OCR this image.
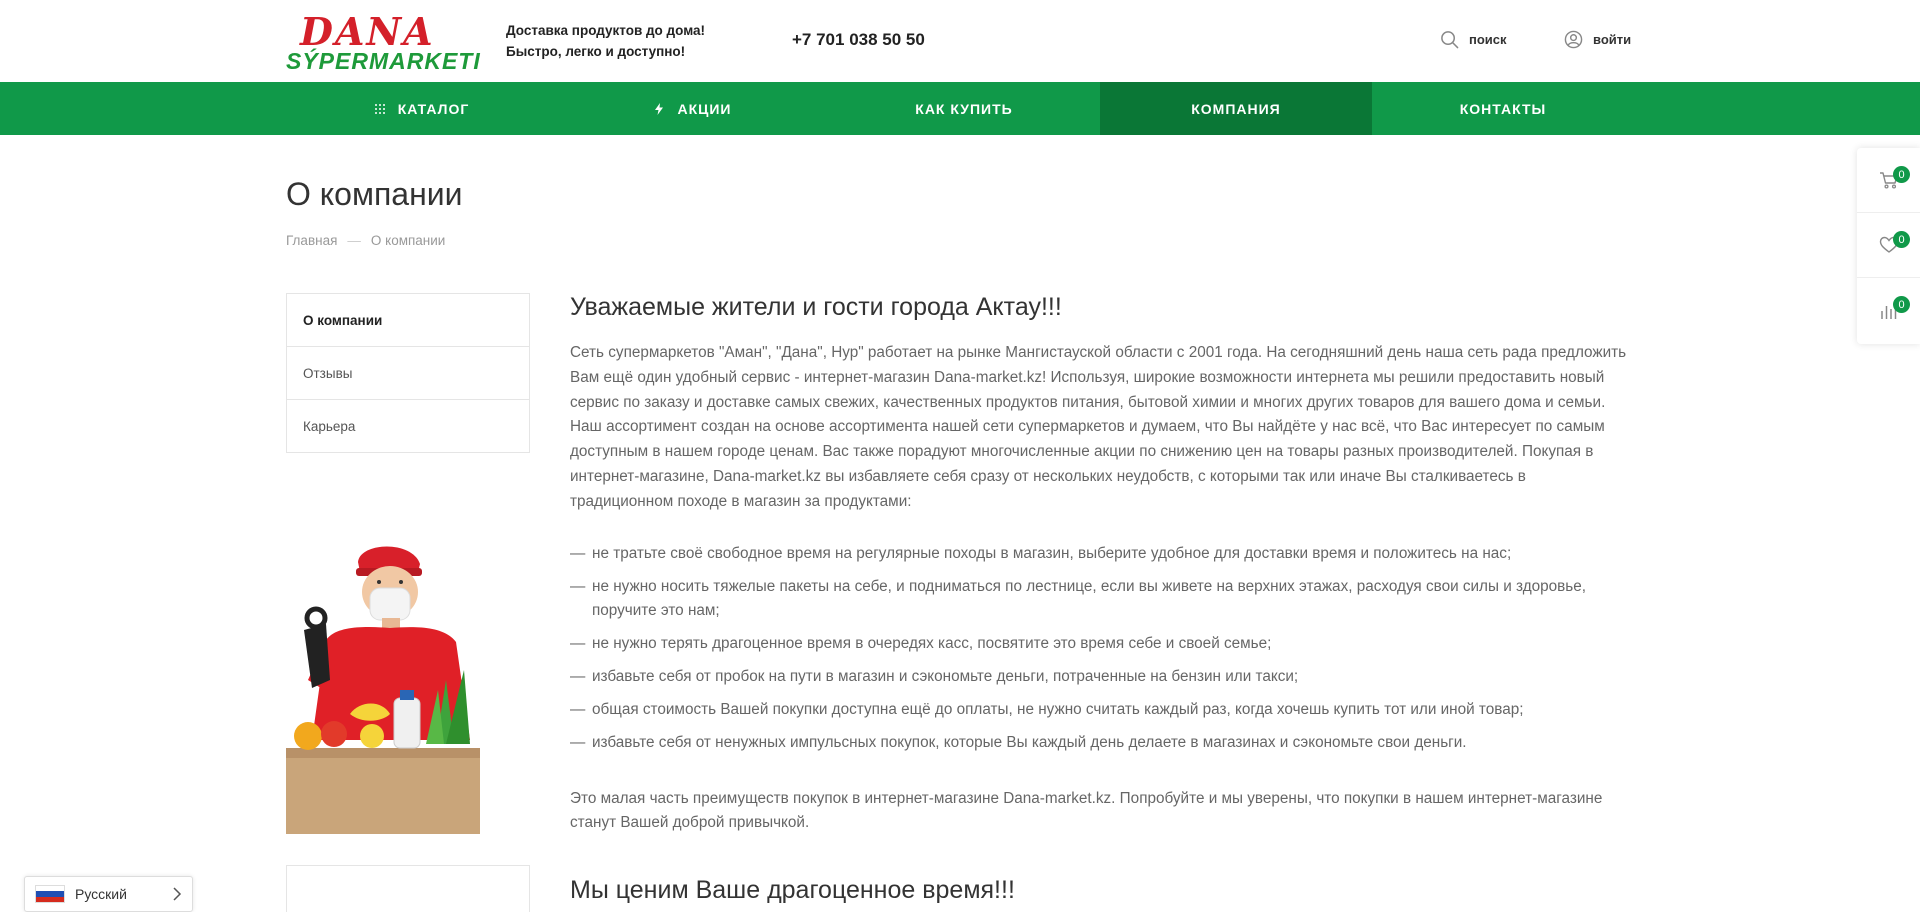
DANA
SÝPERMARKETI
Доставка продуктов до дома!
Быстро, легко и доступно!
+7 701 038 50 50	поиск	войти
КАТАЛОГ	АКЦИИ	КАК КУПИТЬ	КОМПАНИЯ	КОНТАКТЫ
0
0
0
О компании
Главная — О компании
О компании
Отзывы
Карьера
Уважаемые жители и гости города Актау!!!

Сеть супермаркетов "Аман", "Дана", Нур" работает на рынке Мангистауской области с 2001 года. На сегодняшний день наша сеть рада предложить Вам ещё один удобный сервис - интернет-магазин Dana-market.kz! Используя, широкие возможности интернета мы решили предоставить новый сервис по заказу и доставке самых свежих, качественных продуктов питания, бытовой химии и многих других товаров для вашего дома и семьи. Наш ассортимент создан на основе ассортимента нашей сети супермаркетов и думаем, что Вы найдёте у нас всё, что Вас интересует по самым доступным в нашем городе ценам. Вас также порадуют многочисленные акции по снижению цен на товары разных производителей. Покупая в интернет-магазине, Dana-market.kz вы избавляете себя сразу от нескольких неудобств, с которыми так или иначе Вы сталкиваетесь в традиционном походе в магазин за продуктами:

— не тратьте своё свободное время на регулярные походы в магазин, выберите удобное для доставки время и положитесь на нас;
— не нужно носить тяжелые пакеты на себе, и подниматься по лестнице, если вы живете на верхних этажах, расходуя свои силы и здоровье, поручите это нам;
— не нужно терять драгоценное время в очередях касс, посвятите это время себе и своей семье;
— избавьте себя от пробок на пути в магазин и сэкономьте деньги, потраченные на бензин или такси;
— общая стоимость Вашей покупки доступна ещё до оплаты, не нужно считать каждый раз, когда хочешь купить тот или иной товар;
— избавьте себя от ненужных импульсных покупок, которые Вы каждый день делаете в магазинах и сэкономьте свои деньги.

Это малая часть преимуществ покупок в интернет-магазине Dana-market.kz. Попробуйте и мы уверены, что покупки в нашем интернет-магазине станут Вашей доброй привычкой.

Мы ценим Ваше драгоценное время!!!
Русский
